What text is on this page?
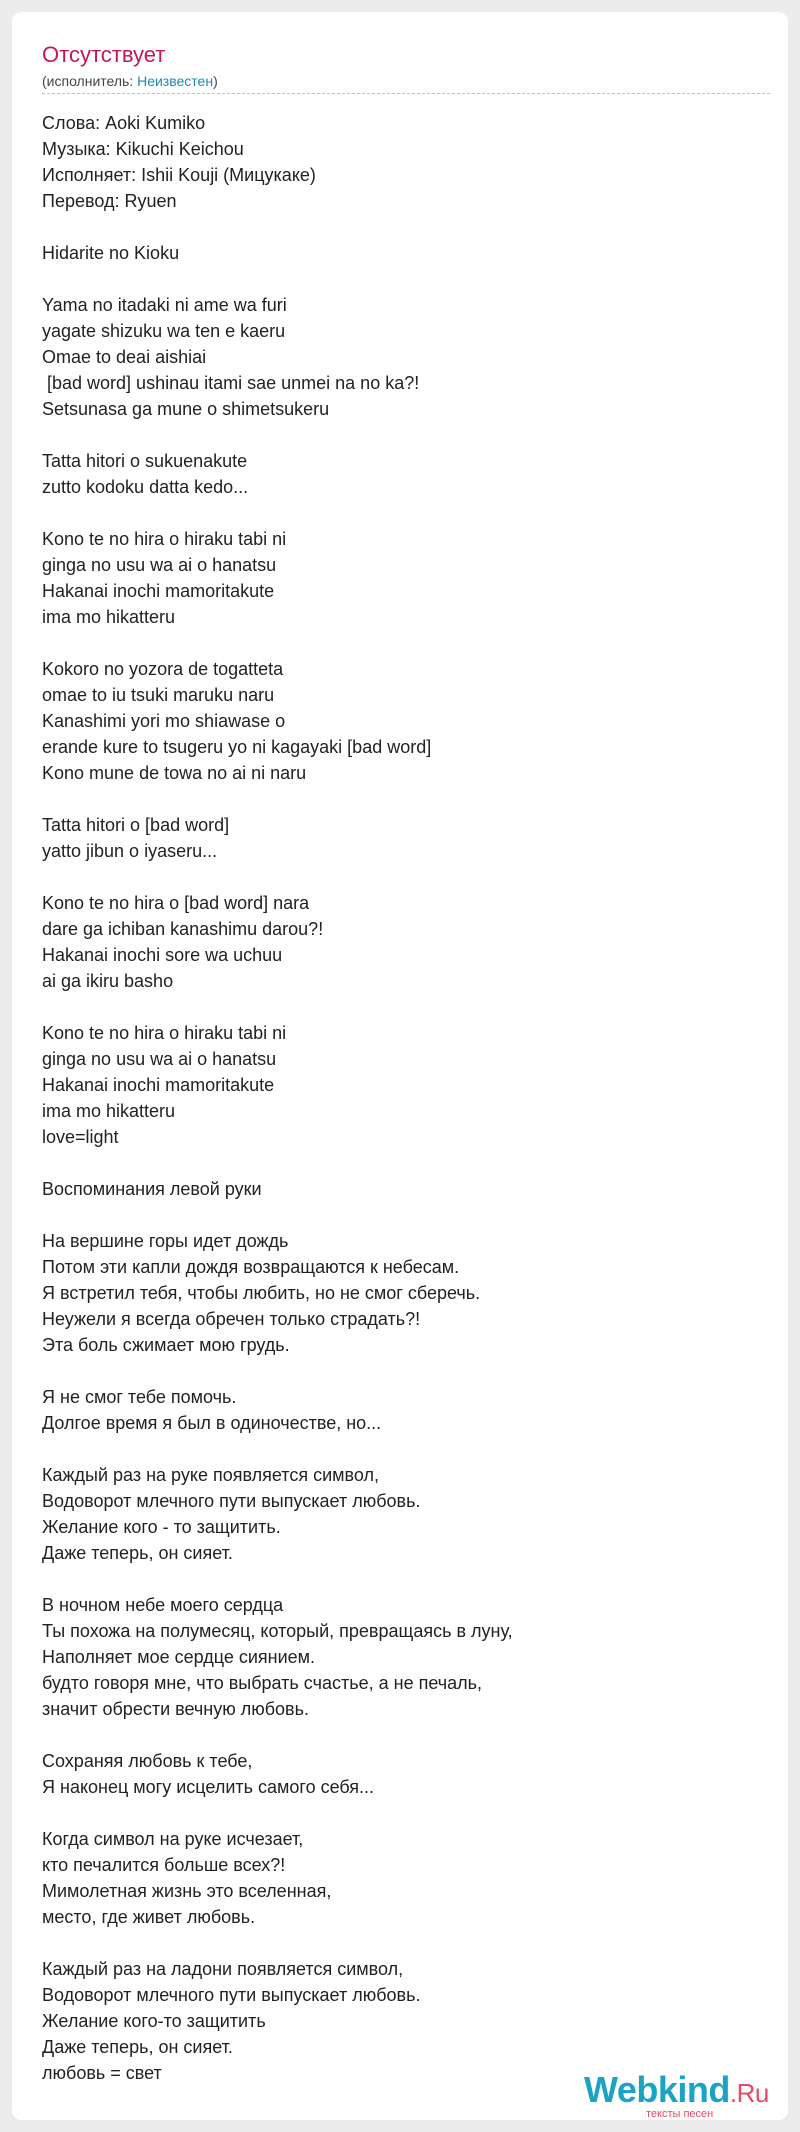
Отсутствует
(исполнитель: Неизвестен)
Слова: Aoki Kumiko
Музыка: Kikuchi Keichou
Исполняет: Ishii Kouji (Мицукаке)
Перевод: Ryuen

Hidarite no Kioku

Yama no itadaki ni ame wa furi
yagate shizuku wa ten e kaeru
Omae to deai aishiai
[bad word] ushinau itami sae unmei na no ka?!
Setsunasa ga mune o shimetsukeru

Tatta hitori o sukuenakute
zutto kodoku datta kedo...

Kono te no hira o hiraku tabi ni
ginga no usu wa ai o hanatsu
Hakanai inochi mamoritakute
ima mo hikatteru

Kokoro no yozora de togatteta
omae to iu tsuki maruku naru
Kanashimi yori mo shiawase o
erande kure to tsugeru yo ni kagayaki [bad word]
Kono mune de towa no ai ni naru

Tatta hitori o [bad word]
yatto jibun o iyaseru...

Kono te no hira o [bad word] nara
dare ga ichiban kanashimu darou?!
Hakanai inochi sore wa uchuu
ai ga ikiru basho

Kono te no hira o hiraku tabi ni
ginga no usu wa ai o hanatsu
Hakanai inochi mamoritakute
ima mo hikatteru
love=light

Воспоминания левой руки

На вершине горы идет дождь
Потом эти капли дождя возвращаются к небесам.
Я встретил тебя, чтобы любить, но не смог сберечь.
Неужели я всегда обречен только страдать?!
Эта боль сжимает мою грудь.

Я не смог тебе помочь.
Долгое время я был в одиночестве, но...

Каждый раз на руке появляется символ,
Водоворот млечного пути выпускает любовь.
Желание кого - то защитить.
Даже теперь, он сияет.

В ночном небе моего сердца
Ты похожа на полумесяц, который, превращаясь в луну,
Наполняет мое сердце сиянием.
будто говоря мне, что выбрать счастье, а не печаль,
значит обрести вечную любовь.

Сохраняя любовь к тебе,
Я наконец могу исцелить самого себя...

Когда символ на руке исчезает,
кто печалится больше всех?!
Мимолетная жизнь это вселенная,
место, где живет любовь.

Каждый раз на ладони появляется символ,
Водоворот млечного пути выпускает любовь.
Желание кого-то защитить
Даже теперь, он сияет.
любовь = свет	Webkind.Ru
тексты песен
